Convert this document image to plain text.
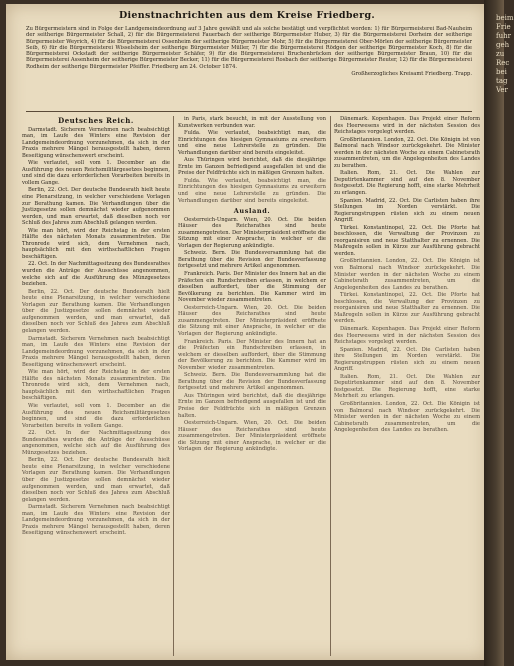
Dienstnachrichten aus dem Kreise Friedberg.
Zu Bürgermeistern sind in Folge der Landgemeindeordnung auf 3 Jahre gewählt und als solche bestätigt und verpflichtet worden: 1) für Bürgermeisterei Bad-Nauheim der seitherige Bürgermeister Schall, 2) für die Bürgermeisterei Fauerbach der seitherige Bürgermeister Huber, 3) für die Bürgermeisterei Dorheim der seitherige Bürgermeister Weyrich, 4) für die Bürgermeisterei Ossenheim der seitherige Bürgermeister Mohr, 5) für die Bürgermeisterei Ober-Mörlen der seitherige Bürgermeister Seib, 6) für die Bürgermeisterei Wisselsheim der seitherige Bürgermeister Müller, 7) für die Bürgermeisterei Rödgen der seitherige Bürgermeister Koch, 8) für die Bürgermeisterei Ockstadt der seitherige Bürgermeister Schäfer, 9) für die Bürgermeisterei Bruchenbrücken der seitherige Bürgermeister Braun, 10) für die Bürgermeisterei Assenheim der seitherige Bürgermeister Becker, 11) für die Bürgermeisterei Rosbach der seitherige Bürgermeister Reuter, 12) für die Bürgermeisterei Rodheim der seitherige Bürgermeister Pfeiffer. Friedberg am 24. October 1874.
Großherzogliches Kreisamt Friedberg. Trapp.
Deutsches Reich.

Darmstadt. Sicherem Vernehmen nach beabsichtigt man, im Laufe des Winters eine Revision der Landgemeindeordnung vorzunehmen, da sich in der Praxis mehrere Mängel herausgestellt haben, deren Beseitigung wünschenswert erscheint.

Wie verlautet, soll vom 1. December an die Ausführung des neuen Reichsmilitärgesetzes beginnen, und sind die dazu erforderlichen Vorarbeiten bereits in vollem Gange.

Berlin, 22. Oct. Der deutsche Bundesrath hielt heute eine Plenarsitzung, in welcher verschiedene Vorlagen zur Berathung kamen. Die Verhandlungen über die Justizgesetze sollen demnächst wieder aufgenommen werden, und man erwartet, daß dieselben noch vor Schluß des Jahres zum Abschluß gelangen werden.

Wie man hört, wird der Reichstag in der ersten Hälfte des nächsten Monats zusammentreten. Die Thronrede wird sich, dem Vernehmen nach, hauptsächlich mit den wirthschaftlichen Fragen beschäftigen.

22. Oct. In der Nachmittagssitzung des Bundesrathes wurden die Anträge der Ausschüsse angenommen, welche sich auf die Ausführung des Münzgesetzes beziehen.

Berlin, 22. Oct. Der deutsche Bundesrath hielt heute eine Plenarsitzung, in welcher verschiedene Vorlagen zur Berathung kamen. Die Verhandlungen über die Justizgesetze sollen demnächst wieder aufgenommen werden, und man erwartet, daß dieselben noch vor Schluß des Jahres zum Abschluß gelangen werden.

Darmstadt. Sicherem Vernehmen nach beabsichtigt man, im Laufe des Winters eine Revision der Landgemeindeordnung vorzunehmen, da sich in der Praxis mehrere Mängel herausgestellt haben, deren Beseitigung wünschenswert erscheint.

Wie man hört, wird der Reichstag in der ersten Hälfte des nächsten Monats zusammentreten. Die Thronrede wird sich, dem Vernehmen nach, hauptsächlich mit den wirthschaftlichen Fragen beschäftigen.

Wie verlautet, soll vom 1. December an die Ausführung des neuen Reichsmilitärgesetzes beginnen, und sind die dazu erforderlichen Vorarbeiten bereits in vollem Gange.

22. Oct. In der Nachmittagssitzung des Bundesrathes wurden die Anträge der Ausschüsse angenommen, welche sich auf die Ausführung des Münzgesetzes beziehen.

Berlin, 22. Oct. Der deutsche Bundesrath hielt heute eine Plenarsitzung, in welcher verschiedene Vorlagen zur Berathung kamen. Die Verhandlungen über die Justizgesetze sollen demnächst wieder aufgenommen werden, und man erwartet, daß dieselben noch vor Schluß des Jahres zum Abschluß gelangen werden.

Darmstadt. Sicherem Vernehmen nach beabsichtigt man, im Laufe des Winters eine Revision der Landgemeindeordnung vorzunehmen, da sich in der Praxis mehrere Mängel herausgestellt haben, deren Beseitigung wünschenswert erscheint.

in Paris, stark besucht, in mit der Ausstellung von Kunstwerken verbunden war.

Fulda. Wie verlautet, beabsichtigt man, die Einrichtungen des hiesigen Gymnasiums zu erweitern und eine neue Lehrerstelle zu gründen. Die Verhandlungen darüber sind bereits eingeleitet.

Aus Thüringen wird berichtet, daß die diesjährige Ernte im Ganzen befriedigend ausgefallen ist und die Preise der Feldfrüchte sich in mäßigen Grenzen halten.

Fulda. Wie verlautet, beabsichtigt man, die Einrichtungen des hiesigen Gymnasiums zu erweitern und eine neue Lehrerstelle zu gründen. Die Verhandlungen darüber sind bereits eingeleitet.

Ausland.

Oesterreich-Ungarn. Wien, 20. Oct. Die beiden Häuser des Reichsrathes sind heute zusammengetreten. Der Ministerpräsident eröffnete die Sitzung mit einer Ansprache, in welcher er die Vorlagen der Regierung ankündigte.

Schweiz. Bern. Die Bundesversammlung hat die Berathung über die Revision der Bundesverfassung fortgesetzt und mehrere Artikel angenommen.

Frankreich. Paris. Der Minister des Innern hat an die Präfecten ein Rundschreiben erlassen, in welchem er dieselben auffordert, über die Stimmung der Bevölkerung zu berichten. Die Kammer wird im November wieder zusammentreten.

Oesterreich-Ungarn. Wien, 20. Oct. Die beiden Häuser des Reichsrathes sind heute zusammengetreten. Der Ministerpräsident eröffnete die Sitzung mit einer Ansprache, in welcher er die Vorlagen der Regierung ankündigte.

Frankreich. Paris. Der Minister des Innern hat an die Präfecten ein Rundschreiben erlassen, in welchem er dieselben auffordert, über die Stimmung der Bevölkerung zu berichten. Die Kammer wird im November wieder zusammentreten.

Schweiz. Bern. Die Bundesversammlung hat die Berathung über die Revision der Bundesverfassung fortgesetzt und mehrere Artikel angenommen.

Aus Thüringen wird berichtet, daß die diesjährige Ernte im Ganzen befriedigend ausgefallen ist und die Preise der Feldfrüchte sich in mäßigen Grenzen halten.

Oesterreich-Ungarn. Wien, 20. Oct. Die beiden Häuser des Reichsrathes sind heute zusammengetreten. Der Ministerpräsident eröffnete die Sitzung mit einer Ansprache, in welcher er die Vorlagen der Regierung ankündigte.

Dänemark. Kopenhagen. Das Projekt einer Reform des Heerwesens wird in der nächsten Session des Reichstages vorgelegt werden.

Großbritannien. London, 22. Oct. Die Königin ist von Balmoral nach Windsor zurückgekehrt. Die Minister werden in der nächsten Woche zu einem Cabinetsrath zusammentreten, um die Angelegenheiten des Landes zu berathen.

Italien. Rom, 21. Oct. Die Wahlen zur Deputirtenkammer sind auf den 8. November festgesetzt. Die Regierung hofft, eine starke Mehrheit zu erlangen.

Spanien. Madrid, 22. Oct. Die Carlisten haben ihre Stellungen im Norden verstärkt. Die Regierungstruppen rüsten sich zu einem neuen Angriff.

Türkei. Konstantinopel, 22. Oct. Die Pforte hat beschlossen, die Verwaltung der Provinzen zu reorganisiren und neue Statthalter zu ernennen. Die Maßregeln sollen in Kürze zur Ausführung gebracht werden.

Großbritannien. London, 22. Oct. Die Königin ist von Balmoral nach Windsor zurückgekehrt. Die Minister werden in der nächsten Woche zu einem Cabinetsrath zusammentreten, um die Angelegenheiten des Landes zu berathen.

Türkei. Konstantinopel, 22. Oct. Die Pforte hat beschlossen, die Verwaltung der Provinzen zu reorganisiren und neue Statthalter zu ernennen. Die Maßregeln sollen in Kürze zur Ausführung gebracht werden.

Dänemark. Kopenhagen. Das Projekt einer Reform des Heerwesens wird in der nächsten Session des Reichstages vorgelegt werden.

Spanien. Madrid, 22. Oct. Die Carlisten haben ihre Stellungen im Norden verstärkt. Die Regierungstruppen rüsten sich zu einem neuen Angriff.

Italien. Rom, 21. Oct. Die Wahlen zur Deputirtenkammer sind auf den 8. November festgesetzt. Die Regierung hofft, eine starke Mehrheit zu erlangen.

Großbritannien. London, 22. Oct. Die Königin ist von Balmoral nach Windsor zurückgekehrt. Die Minister werden in der nächsten Woche zu einem Cabinetsrath zusammentreten, um die Angelegenheiten des Landes zu berathen.

beim
Frie
fuhr
geh
zu
Rec
bei
tag
Ver
